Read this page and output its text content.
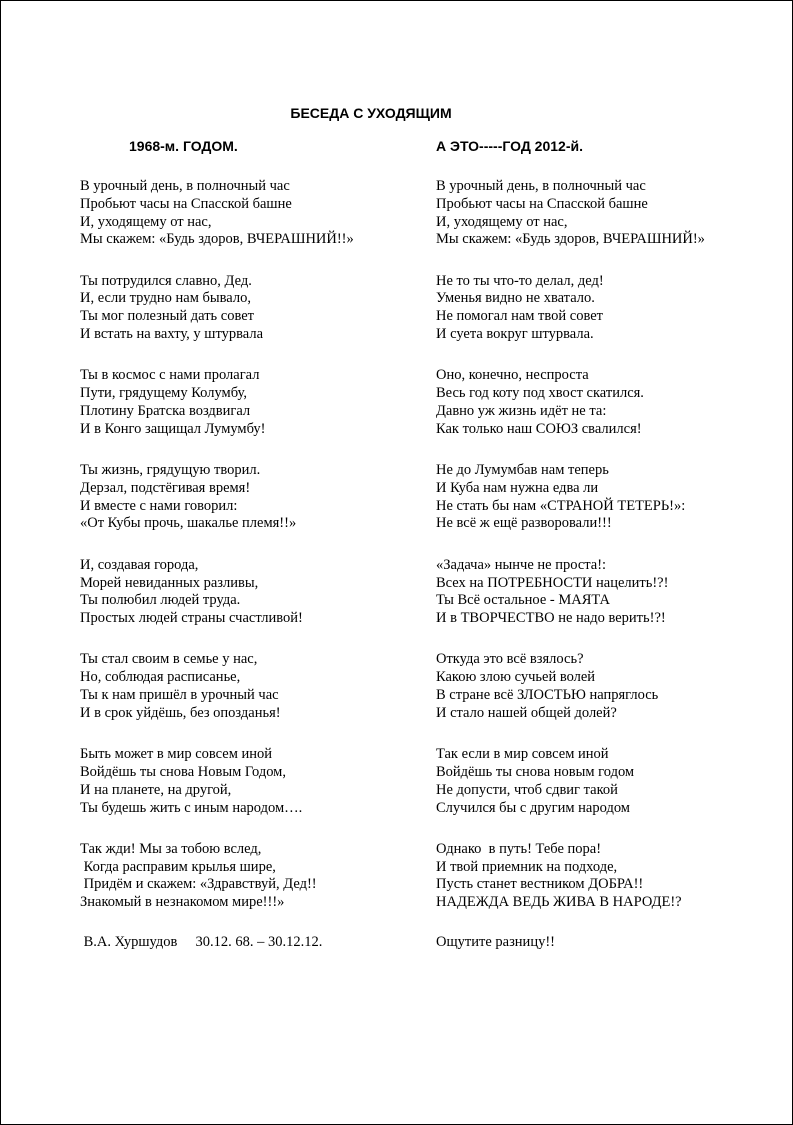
БЕСЕДА С УХОДЯЩИМ
1968-м. ГОДОМ.	А ЭТО-----ГОД 2012-й.
В урочный день, в полночный час
Пробьют часы на Спасской башне
И, уходящему от нас,
Мы скажем: «Будь здоров, ВЧЕРАШНИЙ!!»
Ты потрудился славно, Дед.
И, если трудно нам бывало,
Ты мог полезный дать совет
И встать на вахту, у штурвала
Ты в космос с нами пролагал
Пути, грядущему Колумбу,
Плотину Братска воздвигал
И в Конго защищал Лумумбу!
Ты жизнь, грядущую творил.
Дерзал, подстёгивая время!
И вместе с нами говорил:
«От Кубы прочь, шакалье племя!!»
И, создавая города,
Морей невиданных разливы,
Ты полюбил людей труда.
Простых людей страны счастливой!
Ты стал своим в семье у нас,
Но, соблюдая расписанье,
Ты к нам пришёл в урочный час
И в срок уйдёшь, без опозданья!
Быть может в мир совсем иной
Войдёшь ты снова Новым Годом,
И на планете, на другой,
Ты будешь жить с иным народом….
Так жди! Мы за тобою вслед,
Когда расправим крылья шире,
Придём и скажем: «Здравствуй, Дед!!
Знакомый в незнакомом мире!!!»
В.А. Хуршудов     30.12. 68. – 30.12.12.
В урочный день, в полночный час
Пробьют часы на Спасской башне
И, уходящему от нас,
Мы скажем: «Будь здоров, ВЧЕРАШНИЙ!»
Не то ты что-то делал, дед!
Уменья видно не хватало.
Не помогал нам твой совет
И суета вокруг штурвала.
Оно, конечно, неспроста
Весь год коту под хвост скатился.
Давно уж жизнь идёт не та:
Как только наш СОЮЗ свалился!
Не до Лумумбав нам теперь
И Куба нам нужна едва ли
Не стать бы нам «СТРАНОЙ ТЕТЕРЬ!»:
Не всё ж ещё разворовали!!!
«Задача» нынче не проста!:
Всех на ПОТРЕБНОСТИ нацелить!?!
Ты Всё остальное - МАЯТА
И в ТВОРЧЕСТВО не надо верить!?!
Откуда это всё взялось?
Какою злою сучьей волей
В стране всё ЗЛОСТЬЮ напряглось
И стало нашей общей долей?
Так если в мир совсем иной
Войдёшь ты снова новым годом
Не допусти, чтоб сдвиг такой
Случился бы с другим народом
Однако  в путь! Тебе пора!
И твой приемник на подходе,
Пусть станет вестником ДОБРА!!
НАДЕЖДА ВЕДЬ ЖИВА В НАРОДЕ!?
Ощутите разницу!!
